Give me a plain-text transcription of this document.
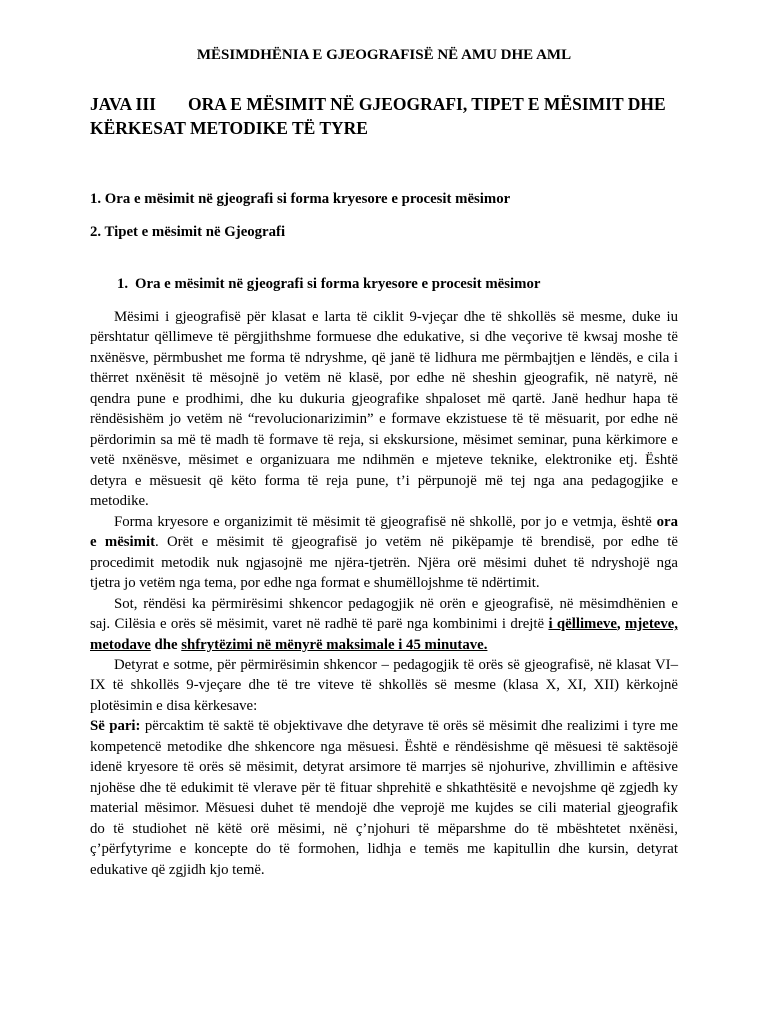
MËSIMDHËNIA E GJEOGRAFISË NË AMU DHE AML
JAVA III ORA E MËSIMIT NË GJEOGRAFI, TIPET E MËSIMIT DHE
KËRKESAT METODIKE TË TYRE
1. Ora e mësimit në gjeografi si forma kryesore e procesit mësimor
2. Tipet e mësimit në Gjeografi
1. Ora e mësimit në gjeografi si forma kryesore e procesit mësimor
Mësimi i gjeografisë për klasat e larta të ciklit 9-vjeçar dhe të shkollës së mesme, duke iu
përshtatur qëllimeve të përgjithshme formuese dhe edukative, si dhe veçorive të kwsaj moshe të
nxënësve, përmbushet me forma të ndryshme, që janë të lidhura me përmbajtjen e lëndës, e cila i
thërret nxënësit të mësojnë jo vetëm në klasë, por edhe në sheshin gjeografik, në natyrë, në
qendra pune e prodhimi, dhe ku dukuria gjeografike shpaloset më qartë. Janë hedhur hapa të
rëndësishëm jo vetëm në “revolucionarizimin” e formave ekzistuese të të mësuarit, por edhe në
përdorimin sa më të madh të formave të reja, si ekskursione, mësimet seminar, puna kërkimore e
vetë nxënësve, mësimet e organizuara me ndihmën e mjeteve teknike, elektronike etj. Është
detyra e mësuesit që këto forma të reja pune, t’i përpunojë më tej nga ana pedagogjike e
metodike.
Forma kryesore e organizimit të mësimit të gjeografisë në shkollë, por jo e vetmja, është ora
e mësimit. Orët e mësimit të gjeografisë jo vetëm në pikëpamje të brendisë, por edhe të
procedimit metodik nuk ngjasojnë me njëra-tjetrën. Njëra orë mësimi duhet të ndryshojë nga
tjetra jo vetëm nga tema, por edhe nga format e shumëllojshme të ndërtimit.
Sot, rëndësi ka përmirësimi shkencor pedagogjik në orën e gjeografisë, në mësimdhënien e
saj. Cilësia e orës së mësimit, varet në radhë të parë nga kombinimi i drejtë i qëllimeve, mjeteve,
metodave dhe shfrytëzimi në mënyrë maksimale i 45 minutave.
Detyrat e sotme, për përmirësimin shkencor – pedagogjik të orës së gjeografisë, në klasat VI–
IX të shkollës 9-vjeçare dhe të tre viteve të shkollës së mesme (klasa X, XI, XII) kërkojnë
plotësimin e disa kërkesave:
Së pari: përcaktim të saktë të objektivave dhe detyrave të orës së mësimit dhe realizimi i tyre me
kompetencë metodike dhe shkencore nga mësuesi. Është e rëndësishme që mësuesi të saktësojë
idenë kryesore të orës së mësimit, detyrat arsimore të marrjes së njohurive, zhvillimin e aftësive
njohëse dhe të edukimit të vlerave për të fituar shprehitë e shkathtësitë e nevojshme që zgjedh ky
material mësimor. Mësuesi duhet të mendojë dhe veprojë me kujdes se cili material gjeografik
do të studiohet në këtë orë mësimi, në ç’njohuri të mëparshme do të mbështetet nxënësi,
ç’përfytyrime e koncepte do të formohen, lidhja e temës me kapitullin dhe kursin, detyrat
edukative që zgjidh kjo temë.
